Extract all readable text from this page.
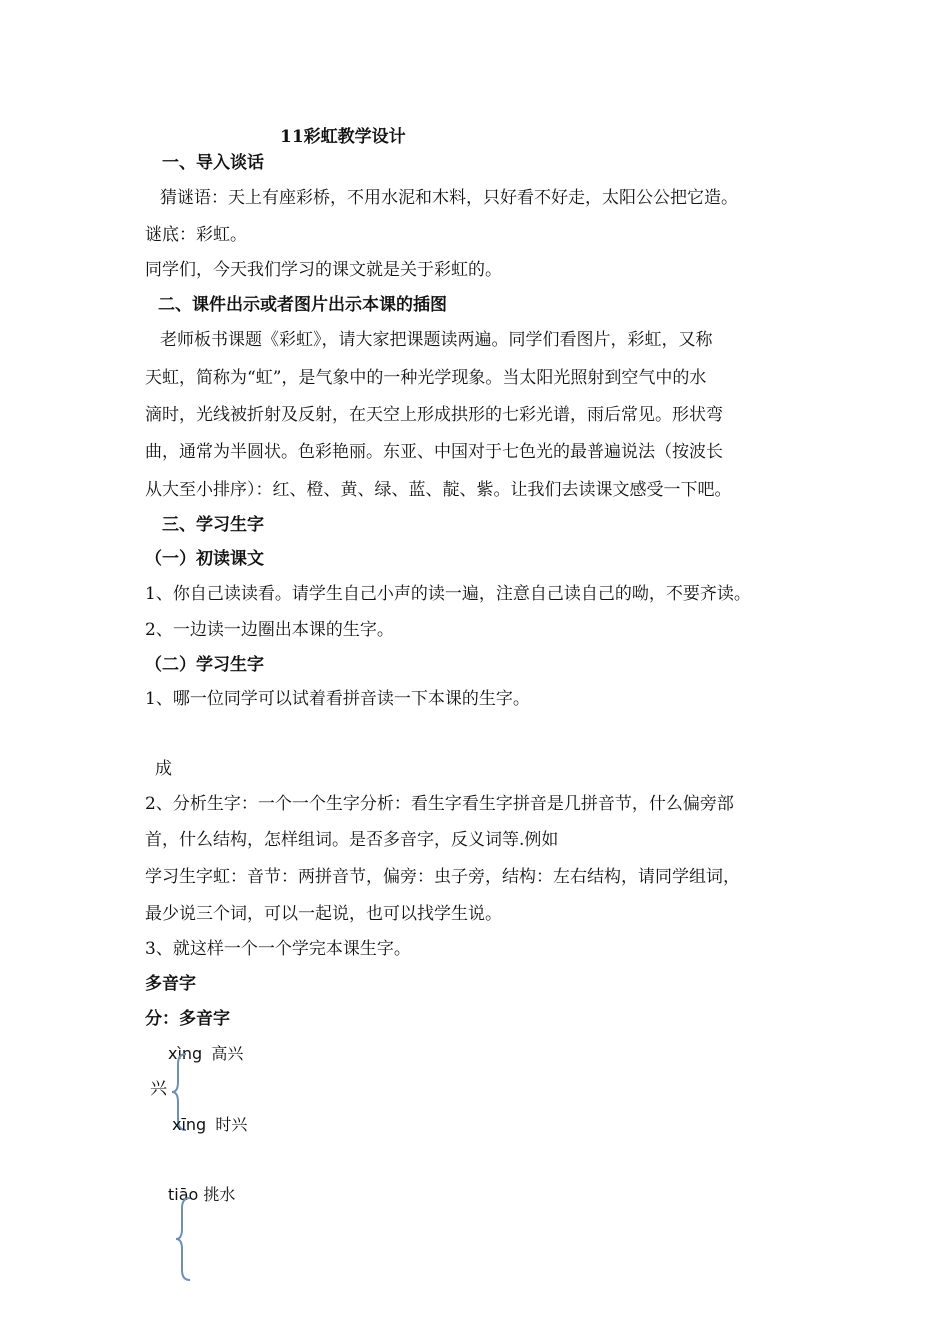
11彩虹教学设计
一、导入谈话
猜谜语：天上有座彩桥，不用水泥和木料，只好看不好走，太阳公公把它造。
谜底：彩虹。
同学们，今天我们学习的课文就是关于彩虹的。
二、课件出示或者图片出示本课的插图
老师板书课题《彩虹》，请大家把课题读两遍。同学们看图片，彩虹，又称
天虹，简称为“虹”，是气象中的一种光学现象。当太阳光照射到空气中的水
滴时，光线被折射及反射，在天空上形成拱形的七彩光谱，雨后常见。形状弯
曲，通常为半圆状。色彩艳丽。东亚、中国对于七色光的最普遍说法（按波长
从大至小排序）：红、橙、黄、绿、蓝、靛、紫。让我们去读课文感受一下吧。
三、学习生字
（一）初读课文
1、你自己读读看。请学生自己小声的读一遍，注意自己读自己的呦，不要齐读。
2、一边读一边圈出本课的生字。
（二）学习生字
1、哪一位同学可以试着看拼音读一下本课的生字。
成
2、分析生字：一个一个生字分析：看生字看生字拼音是几拼音节，什么偏旁部
首，什么结构，怎样组词。是否多音字，反义词等.例如
学习生字虹：音节：两拼音节，偏旁：虫子旁，结构：左右结构，请同学组词，
最少说三个词，可以一起说，也可以找学生说。
3、就这样一个一个学完本课生字。
多音字
分：多音字
xìng 高兴
兴
xīng 时兴
tiāo 挑水
